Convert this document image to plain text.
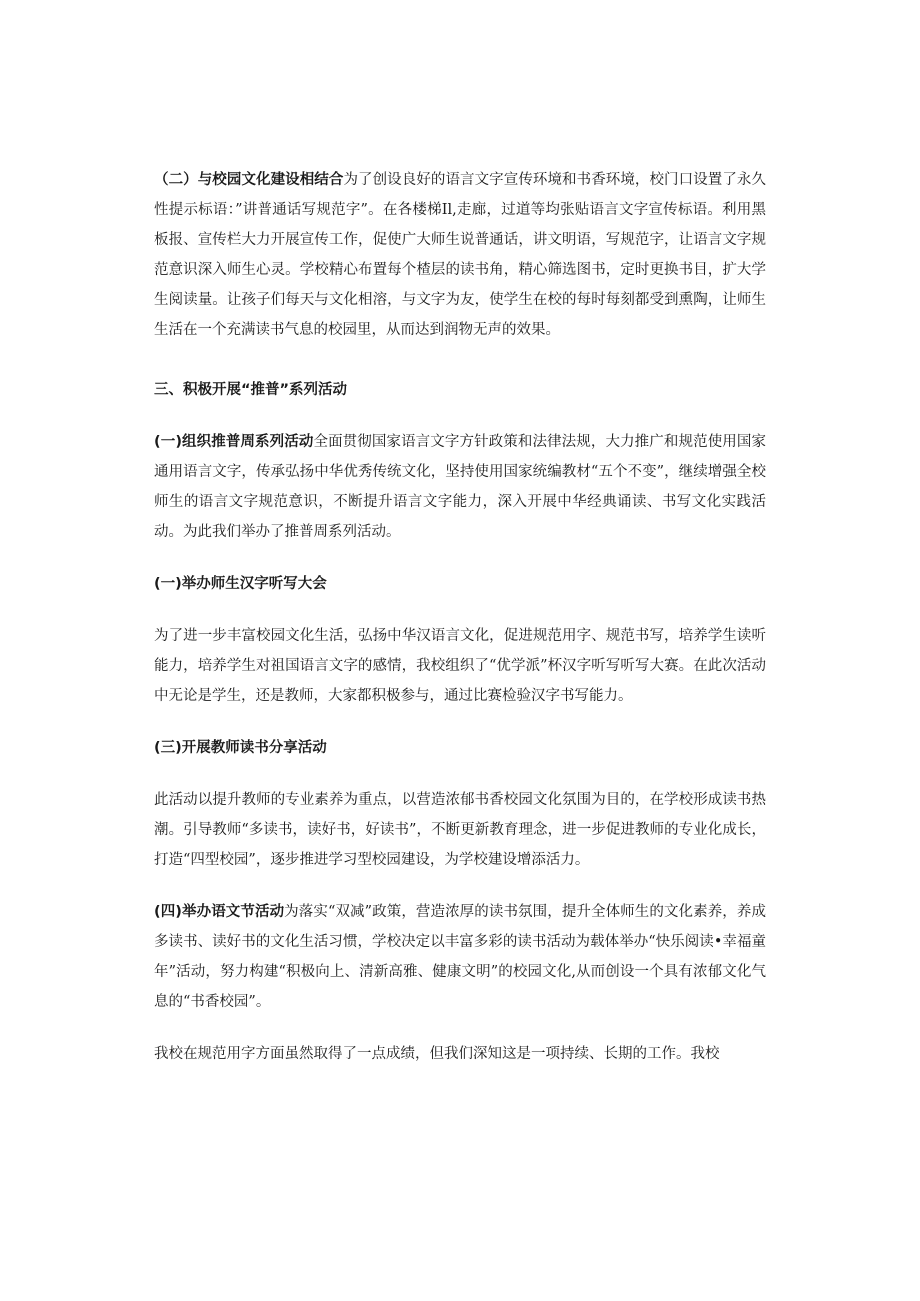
（二）与校园文化建设相结合为了创设良好的语言文字宣传环境和书香环境，校门口设置了永久性提示标语：”讲普通话写规范字”。在各楼梯Il,走廊，过道等均张贴语言文字宣传标语。利用黑板报、宣传栏大力开展宣传工作，促使广大师生说普通话，讲文明语，写规范字，让语言文字规范意识深入师生心灵。学校精心布置每个楂层的读书角，精心筛选图书，定时更换书目，扩大学生阅读量。让孩子们每天与文化相溶，与文字为友，使学生在校的每时每刻都受到熏陶，让师生生活在一个充满读书气息的校园里，从而达到润物无声的效果。

三、积极开展“推普”系列活动

(一)组织推普周系列活动全面贯彻国家语言文字方针政策和法律法规，大力推广和规范使用国家通用语言文字，传承弘扬中华优秀传统文化，坚持使用国家统编教材“五个不变”，继续增强全校师生的语言文字规范意识，不断提升语言文字能力，深入开展中华经典诵读、书写文化实践活动。为此我们举办了推普周系列活动。

(一)举办师生汉字听写大会

为了进一步丰富校园文化生活，弘扬中华汉语言文化，促进规范用字、规范书写，培养学生读听能力，培养学生对祖国语言文字的感情，我校组织了“优学派”杯汉字听写听写大赛。在此次活动中无论是学生，还是教师，大家都积极参与，通过比赛检验汉字书写能力。

(三)开展教师读书分享活动

此活动以提升教师的专业素养为重点，以营造浓郁书香校园文化氛围为目的，在学校形成读书热潮。引导教师“多读书，读好书，好读书”，不断更新教育理念，进一步促进教师的专业化成长，打造“四型校园”，逐步推进学习型校园建设，为学校建设增添活力。

(四)举办语文节活动为落实“双减”政策，营造浓厚的读书氛围，提升全体师生的文化素养，养成多读书、读好书的文化生活习惯，学校决定以丰富多彩的读书活动为载体举办“快乐阅读•幸福童年”活动，努力构建“积极向上、清新高雅、健康文明”的校园文化,从而创设一个具有浓郁文化气息的“书香校园”。

我校在规范用字方面虽然取得了一点成绩，但我们深知这是一项持续、长期的工作。我校
